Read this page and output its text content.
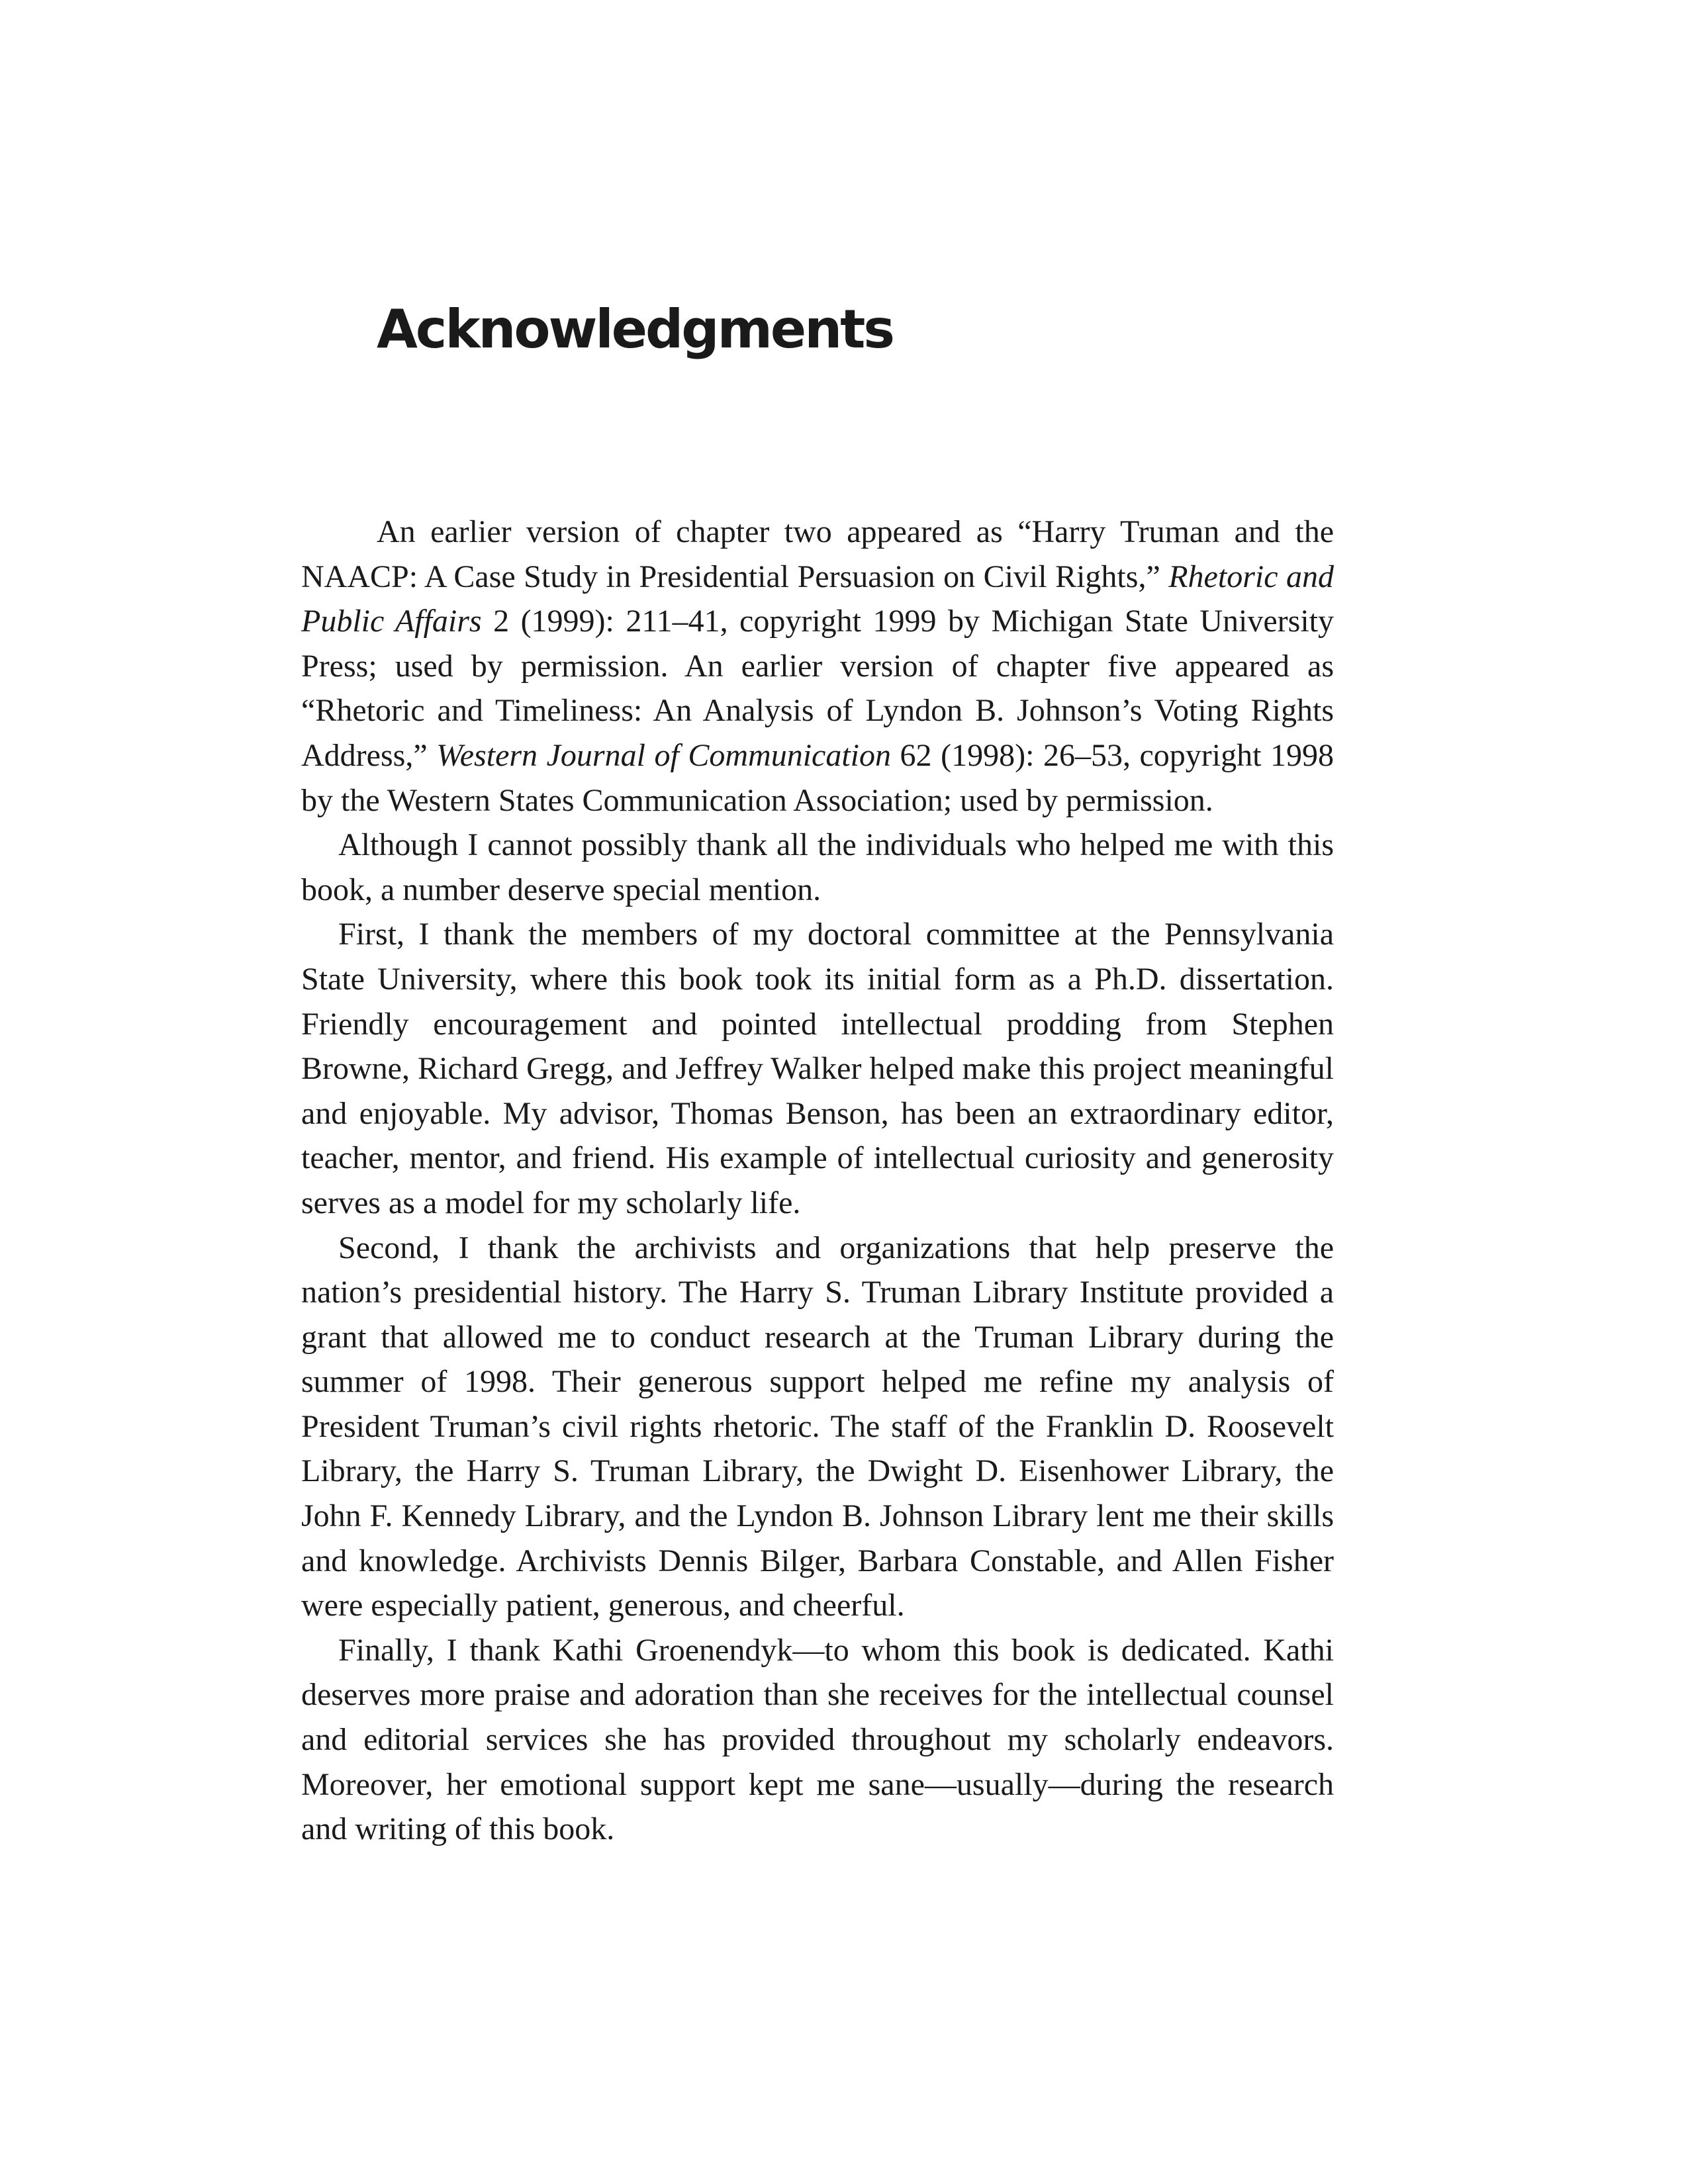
Acknowledgments

An earlier version of chapter two appeared as “Harry Truman and the NAACP: A Case Study in Presidential Persuasion on Civil Rights,” Rhetoric and Public Affairs 2 (1999): 211–41, copyright 1999 by Michigan State University Press; used by permission. An earlier version of chapter five appeared as “Rhetoric and Timeliness: An Analysis of Lyndon B. Johnson’s Voting Rights Address,” Western Journal of Communication 62 (1998): 26–53, copyright 1998 by the Western States Communication Association; used by permission.

Although I cannot possibly thank all the individuals who helped me with this book, a number deserve special mention.

First, I thank the members of my doctoral committee at the Pennsylvania State University, where this book took its initial form as a Ph.D. dissertation. Friendly encouragement and pointed intellectual prodding from Stephen Browne, Richard Gregg, and Jeffrey Walker helped make this project meaningful and enjoyable. My advisor, Thomas Benson, has been an extraordinary editor, teacher, mentor, and friend. His example of intellectual curiosity and generosity serves as a model for my scholarly life.

Second, I thank the archivists and organizations that help preserve the nation’s presidential history. The Harry S. Truman Library Institute provided a grant that allowed me to conduct research at the Truman Library during the summer of 1998. Their generous support helped me refine my analysis of President Truman’s civil rights rhetoric. The staff of the Franklin D. Roosevelt Library, the Harry S. Truman Library, the Dwight D. Eisenhower Library, the John F. Kennedy Library, and the Lyndon B. Johnson Library lent me their skills and knowledge. Archivists Dennis Bilger, Barbara Constable, and Allen Fisher were especially patient, generous, and cheerful.

Finally, I thank Kathi Groenendyk—to whom this book is dedicated. Kathi deserves more praise and adoration than she receives for the intellectual counsel and editorial services she has provided throughout my scholarly endeavors. Moreover, her emotional support kept me sane—usually—during the research and writing of this book.
